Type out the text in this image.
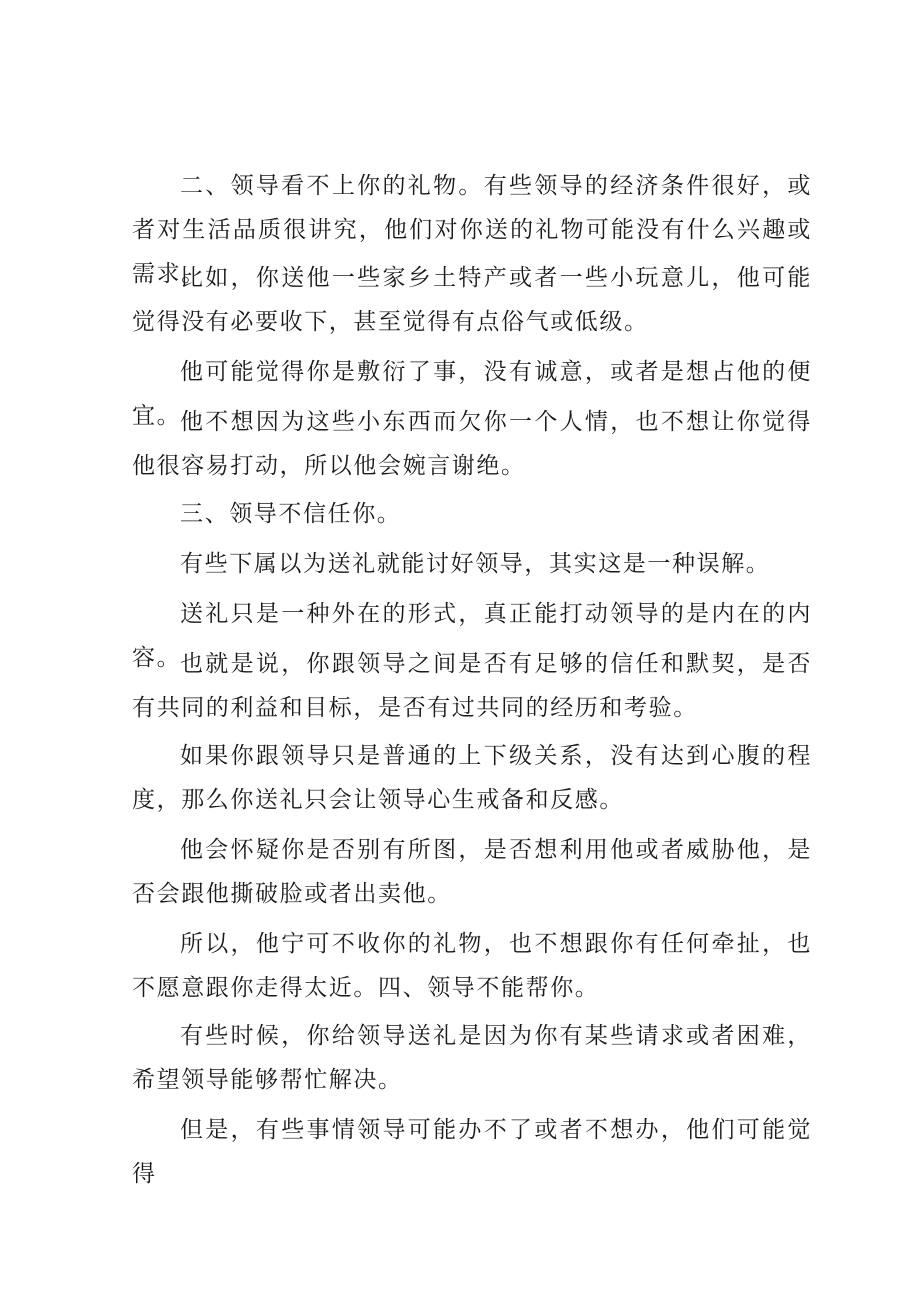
二、领导看不上你的礼物。有些领导的经济条件很好，或者对生活品质很讲究，他们对你送的礼物可能没有什么兴趣或需求。

比如，你送他一些家乡土特产或者一些小玩意儿，他可能觉得没有必要收下，甚至觉得有点俗气或低级。

他可能觉得你是敷衍了事，没有诚意，或者是想占他的便宜。

他不想因为这些小东西而欠你一个人情，也不想让你觉得他很容易打动，所以他会婉言谢绝。

三、领导不信任你。

有些下属以为送礼就能讨好领导，其实这是一种误解。

送礼只是一种外在的形式，真正能打动领导的是内在的内容。

也就是说，你跟领导之间是否有足够的信任和默契，是否有共同的利益和目标，是否有过共同的经历和考验。

如果你跟领导只是普通的上下级关系，没有达到心腹的程度，那么你送礼只会让领导心生戒备和反感。

他会怀疑你是否别有所图，是否想利用他或者威胁他，是否会跟他撕破脸或者出卖他。

所以，他宁可不收你的礼物，也不想跟你有任何牵扯，也不愿意跟你走得太近。四、领导不能帮你。

有些时候，你给领导送礼是因为你有某些请求或者困难，希望领导能够帮忙解决。

但是，有些事情领导可能办不了或者不想办，他们可能觉得
